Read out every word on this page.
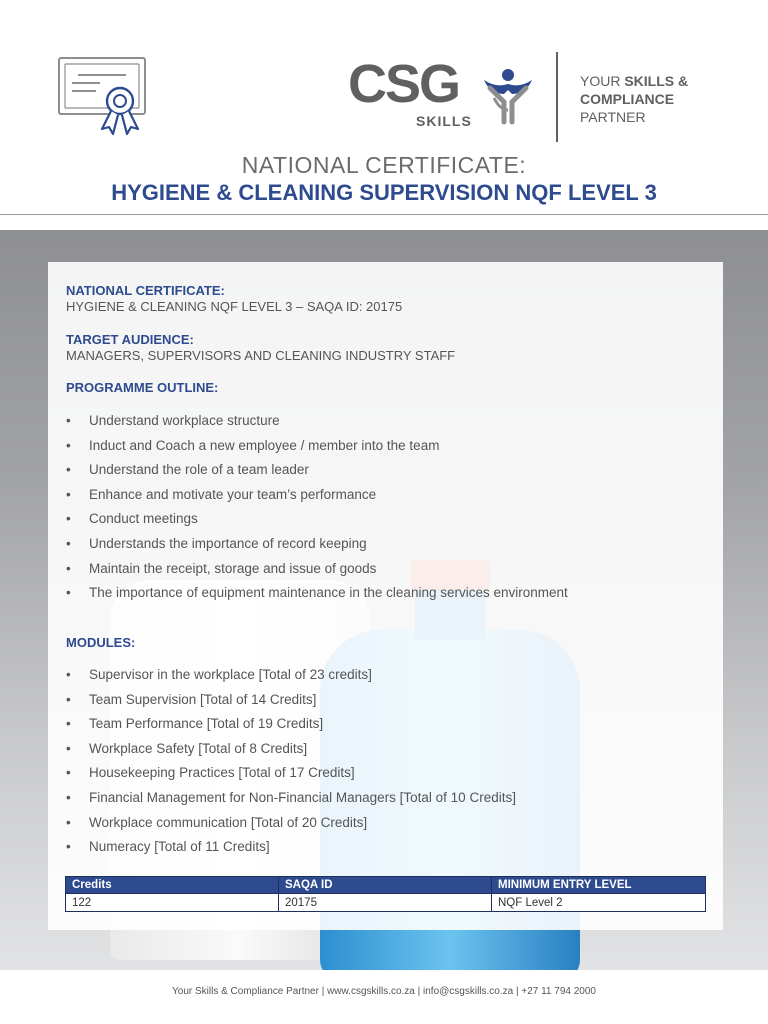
CSG
SKILLS
YOUR SKILLS &
COMPLIANCE
PARTNER
NATIONAL CERTIFICATE:
HYGIENE & CLEANING SUPERVISION NQF LEVEL 3
NATIONAL CERTIFICATE:
HYGIENE & CLEANING NQF LEVEL 3 – SAQA ID: 20175
TARGET AUDIENCE:
MANAGERS, SUPERVISORS AND CLEANING INDUSTRY STAFF
PROGRAMME OUTLINE:
• Understand workplace structure
• Induct and Coach a new employee / member into the team
• Understand the role of a team leader
• Enhance and motivate your team’s performance
• Conduct meetings
• Understands the importance of record keeping
• Maintain the receipt, storage and issue of goods
• The importance of equipment maintenance in the cleaning services environment
MODULES:
• Supervisor in the workplace [Total of 23 credits]
• Team Supervision [Total of 14 Credits]
• Team Performance [Total of 19 Credits]
• Workplace Safety [Total of 8 Credits]
• Housekeeping Practices [Total of 17 Credits]
• Financial Management for Non-Financial Managers [Total of 10 Credits]
• Workplace communication [Total of 20 Credits]
• Numeracy [Total of 11 Credits]
Credits	SAQA ID	MINIMUM ENTRY LEVEL
122	20175	NQF Level 2
Your Skills & Compliance Partner | www.csgskills.co.za | info@csgskills.co.za | +27 11 794 2000
